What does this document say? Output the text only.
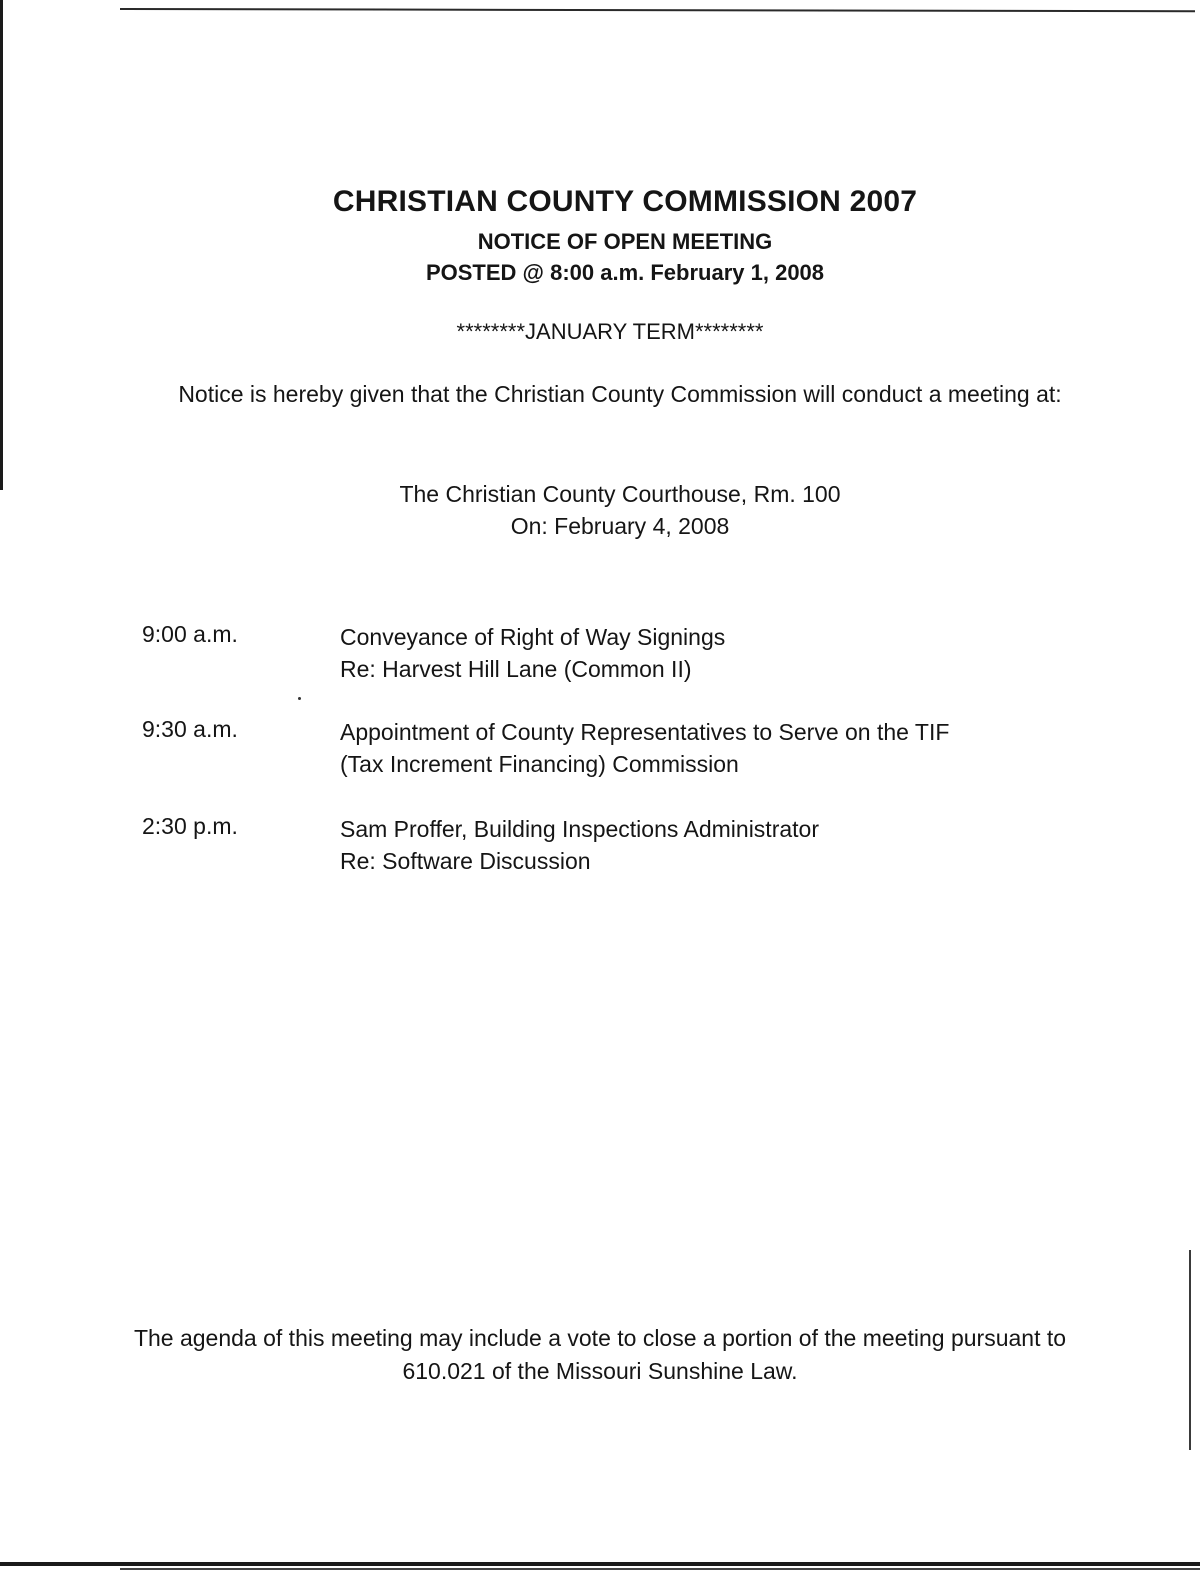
CHRISTIAN COUNTY COMMISSION 2007
NOTICE OF OPEN MEETING
POSTED @ 8:00 a.m. February 1, 2008
********JANUARY TERM********
Notice is hereby given that the Christian County Commission will conduct a meeting at:
The Christian County Courthouse, Rm. 100
On: February 4, 2008
9:00 a.m.	Conveyance of Right of Way Signings
Re: Harvest Hill Lane (Common II)
9:30 a.m.	Appointment of County Representatives to Serve on the TIF
(Tax Increment Financing) Commission
2:30 p.m.	Sam Proffer, Building Inspections Administrator
Re: Software Discussion
The agenda of this meeting may include a vote to close a portion of the meeting pursuant to 610.021 of the Missouri Sunshine Law.
